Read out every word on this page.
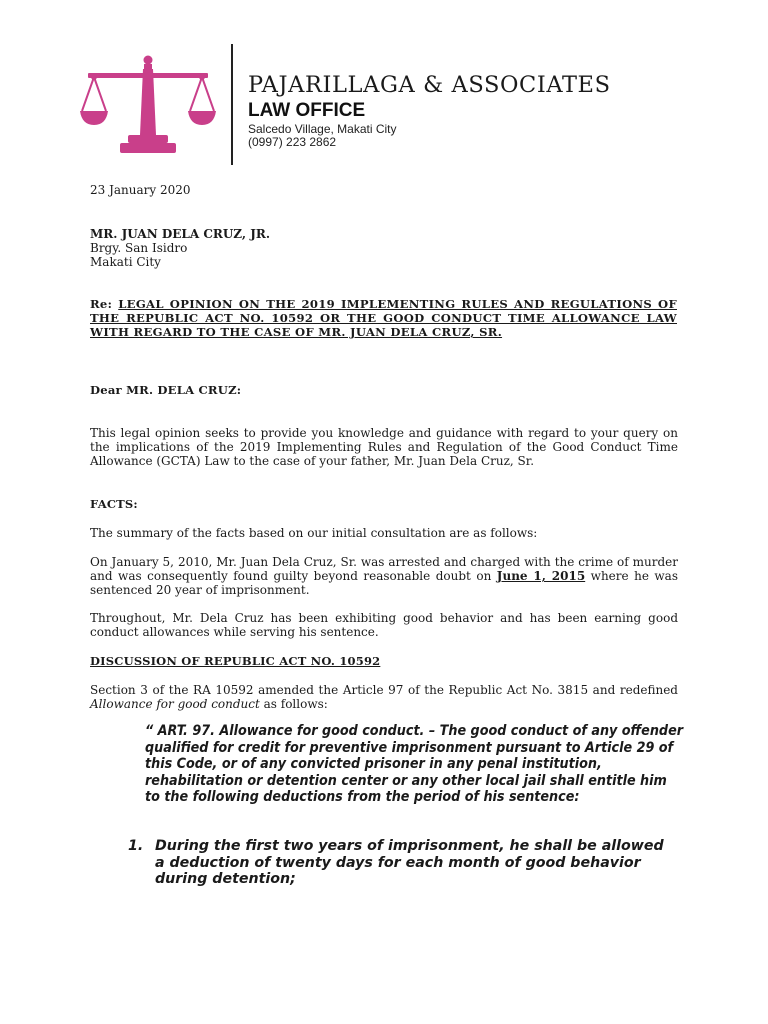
PAJARILLAGA & ASSOCIATES
LAW OFFICE
Salcedo Village, Makati City
(0997) 223 2862
23 January 2020
MR. JUAN DELA CRUZ, JR.
Brgy. San Isidro
Makati City
Re: LEGAL OPINION ON THE 2019 IMPLEMENTING RULES AND REGULATIONS OF THE REPUBLIC ACT NO. 10592 OR THE GOOD CONDUCT TIME ALLOWANCE LAW WITH REGARD TO THE CASE OF MR. JUAN DELA CRUZ, SR.
Dear MR. DELA CRUZ:
This legal opinion seeks to provide you knowledge and guidance with regard to your query on the implications of the 2019 Implementing Rules and Regulation of the Good Conduct Time Allowance (GCTA) Law to the case of your father, Mr. Juan Dela Cruz, Sr.
FACTS:
The summary of the facts based on our initial consultation are as follows:
On January 5, 2010, Mr. Juan Dela Cruz, Sr. was arrested and charged with the crime of murder and was consequently found guilty beyond reasonable doubt on June 1, 2015 where he was sentenced 20 year of imprisonment.
Throughout, Mr. Dela Cruz has been exhibiting good behavior and has been earning good conduct allowances while serving his sentence.
DISCUSSION OF REPUBLIC ACT NO. 10592
Section 3 of the RA 10592 amended the Article 97 of the Republic Act No. 3815 and redefined Allowance for good conduct as follows:
“ ART. 97. Allowance for good conduct. – The good conduct of any offender qualified for credit for preventive imprisonment pursuant to Article 29 of this Code, or of any convicted prisoner in any penal institution, rehabilitation or detention center or any other local jail shall entitle him to the following deductions from the period of his sentence:
1. During the first two years of imprisonment, he shall be allowed a deduction of twenty days for each month of good behavior during detention;
